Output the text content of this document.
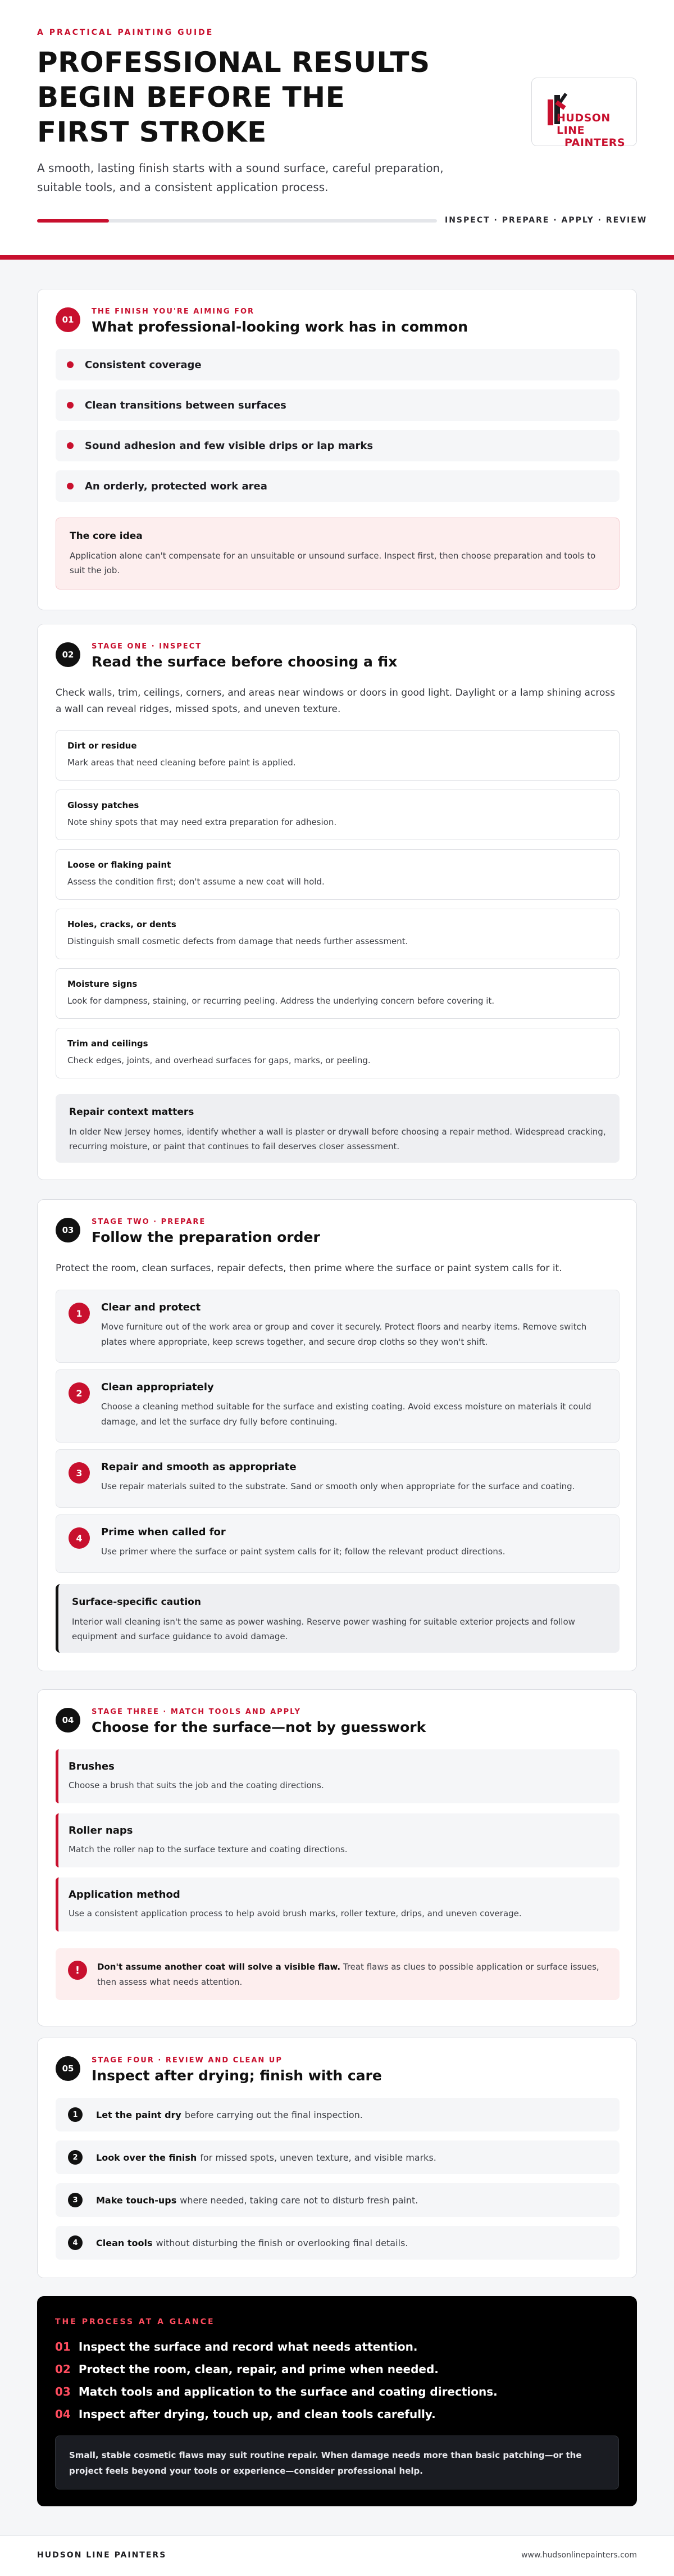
A PRACTICAL PAINTING GUIDE
PROFESSIONAL RESULTS BEGIN BEFORE THE FIRST STROKE
A smooth, lasting finish starts with a sound surface, careful preparation, suitable tools, and a consistent application process.
INSPECT · PREPARE · APPLY · REVIEW
HUDSON LINE
PAINTERS
01
THE FINISH YOU'RE AIMING FOR
What professional-looking work has in common
Consistent coverage
Clean transitions between surfaces
Sound adhesion and few visible drips or lap marks
An orderly, protected work area
The core idea
Application alone can't compensate for an unsuitable or unsound surface. Inspect first, then choose preparation and tools to suit the job.
02
STAGE ONE · INSPECT
Read the surface before choosing a fix
Check walls, trim, ceilings, corners, and areas near windows or doors in good light. Daylight or a lamp shining across a wall can reveal ridges, missed spots, and uneven texture.
Dirt or residue
Mark areas that need cleaning before paint is applied.
Glossy patches
Note shiny spots that may need extra preparation for adhesion.
Loose or flaking paint
Assess the condition first; don't assume a new coat will hold.
Holes, cracks, or dents
Distinguish small cosmetic defects from damage that needs further assessment.
Moisture signs
Look for dampness, staining, or recurring peeling. Address the underlying concern before covering it.
Trim and ceilings
Check edges, joints, and overhead surfaces for gaps, marks, or peeling.
Repair context matters
In older New Jersey homes, identify whether a wall is plaster or drywall before choosing a repair method. Widespread cracking, recurring moisture, or paint that continues to fail deserves closer assessment.
03
STAGE TWO · PREPARE
Follow the preparation order
Protect the room, clean surfaces, repair defects, then prime where the surface or paint system calls for it.
1	Clear and protect
Move furniture out of the work area or group and cover it securely. Protect floors and nearby items. Remove switch plates where appropriate, keep screws together, and secure drop cloths so they won't shift.
2	Clean appropriately
Choose a cleaning method suitable for the surface and existing coating. Avoid excess moisture on materials it could damage, and let the surface dry fully before continuing.
3	Repair and smooth as appropriate
Use repair materials suited to the substrate. Sand or smooth only when appropriate for the surface and coating.
4	Prime when called for
Use primer where the surface or paint system calls for it; follow the relevant product directions.
Surface-specific caution
Interior wall cleaning isn't the same as power washing. Reserve power washing for suitable exterior projects and follow equipment and surface guidance to avoid damage.
04
STAGE THREE · MATCH TOOLS AND APPLY
Choose for the surface—not by guesswork
Brushes
Choose a brush that suits the job and the coating directions.
Roller naps
Match the roller nap to the surface texture and coating directions.
Application method
Use a consistent application process to help avoid brush marks, roller texture, drips, and uneven coverage.
!	Don't assume another coat will solve a visible flaw. Treat flaws as clues to possible application or surface issues, then assess what needs attention.
05
STAGE FOUR · REVIEW AND CLEAN UP
Inspect after drying; finish with care
1	Let the paint dry before carrying out the final inspection.
2	Look over the finish for missed spots, uneven texture, and visible marks.
3	Make touch-ups where needed, taking care not to disturb fresh paint.
4	Clean tools without disturbing the finish or overlooking final details.
THE PROCESS AT A GLANCE
01 Inspect the surface and record what needs attention.
02 Protect the room, clean, repair, and prime when needed.
03 Match tools and application to the surface and coating directions.
04 Inspect after drying, touch up, and clean tools carefully.
Small, stable cosmetic flaws may suit routine repair. When damage needs more than basic patching—or the project feels beyond your tools or experience—consider professional help.
HUDSON LINE PAINTERS	www.hudsonlinepainters.com
